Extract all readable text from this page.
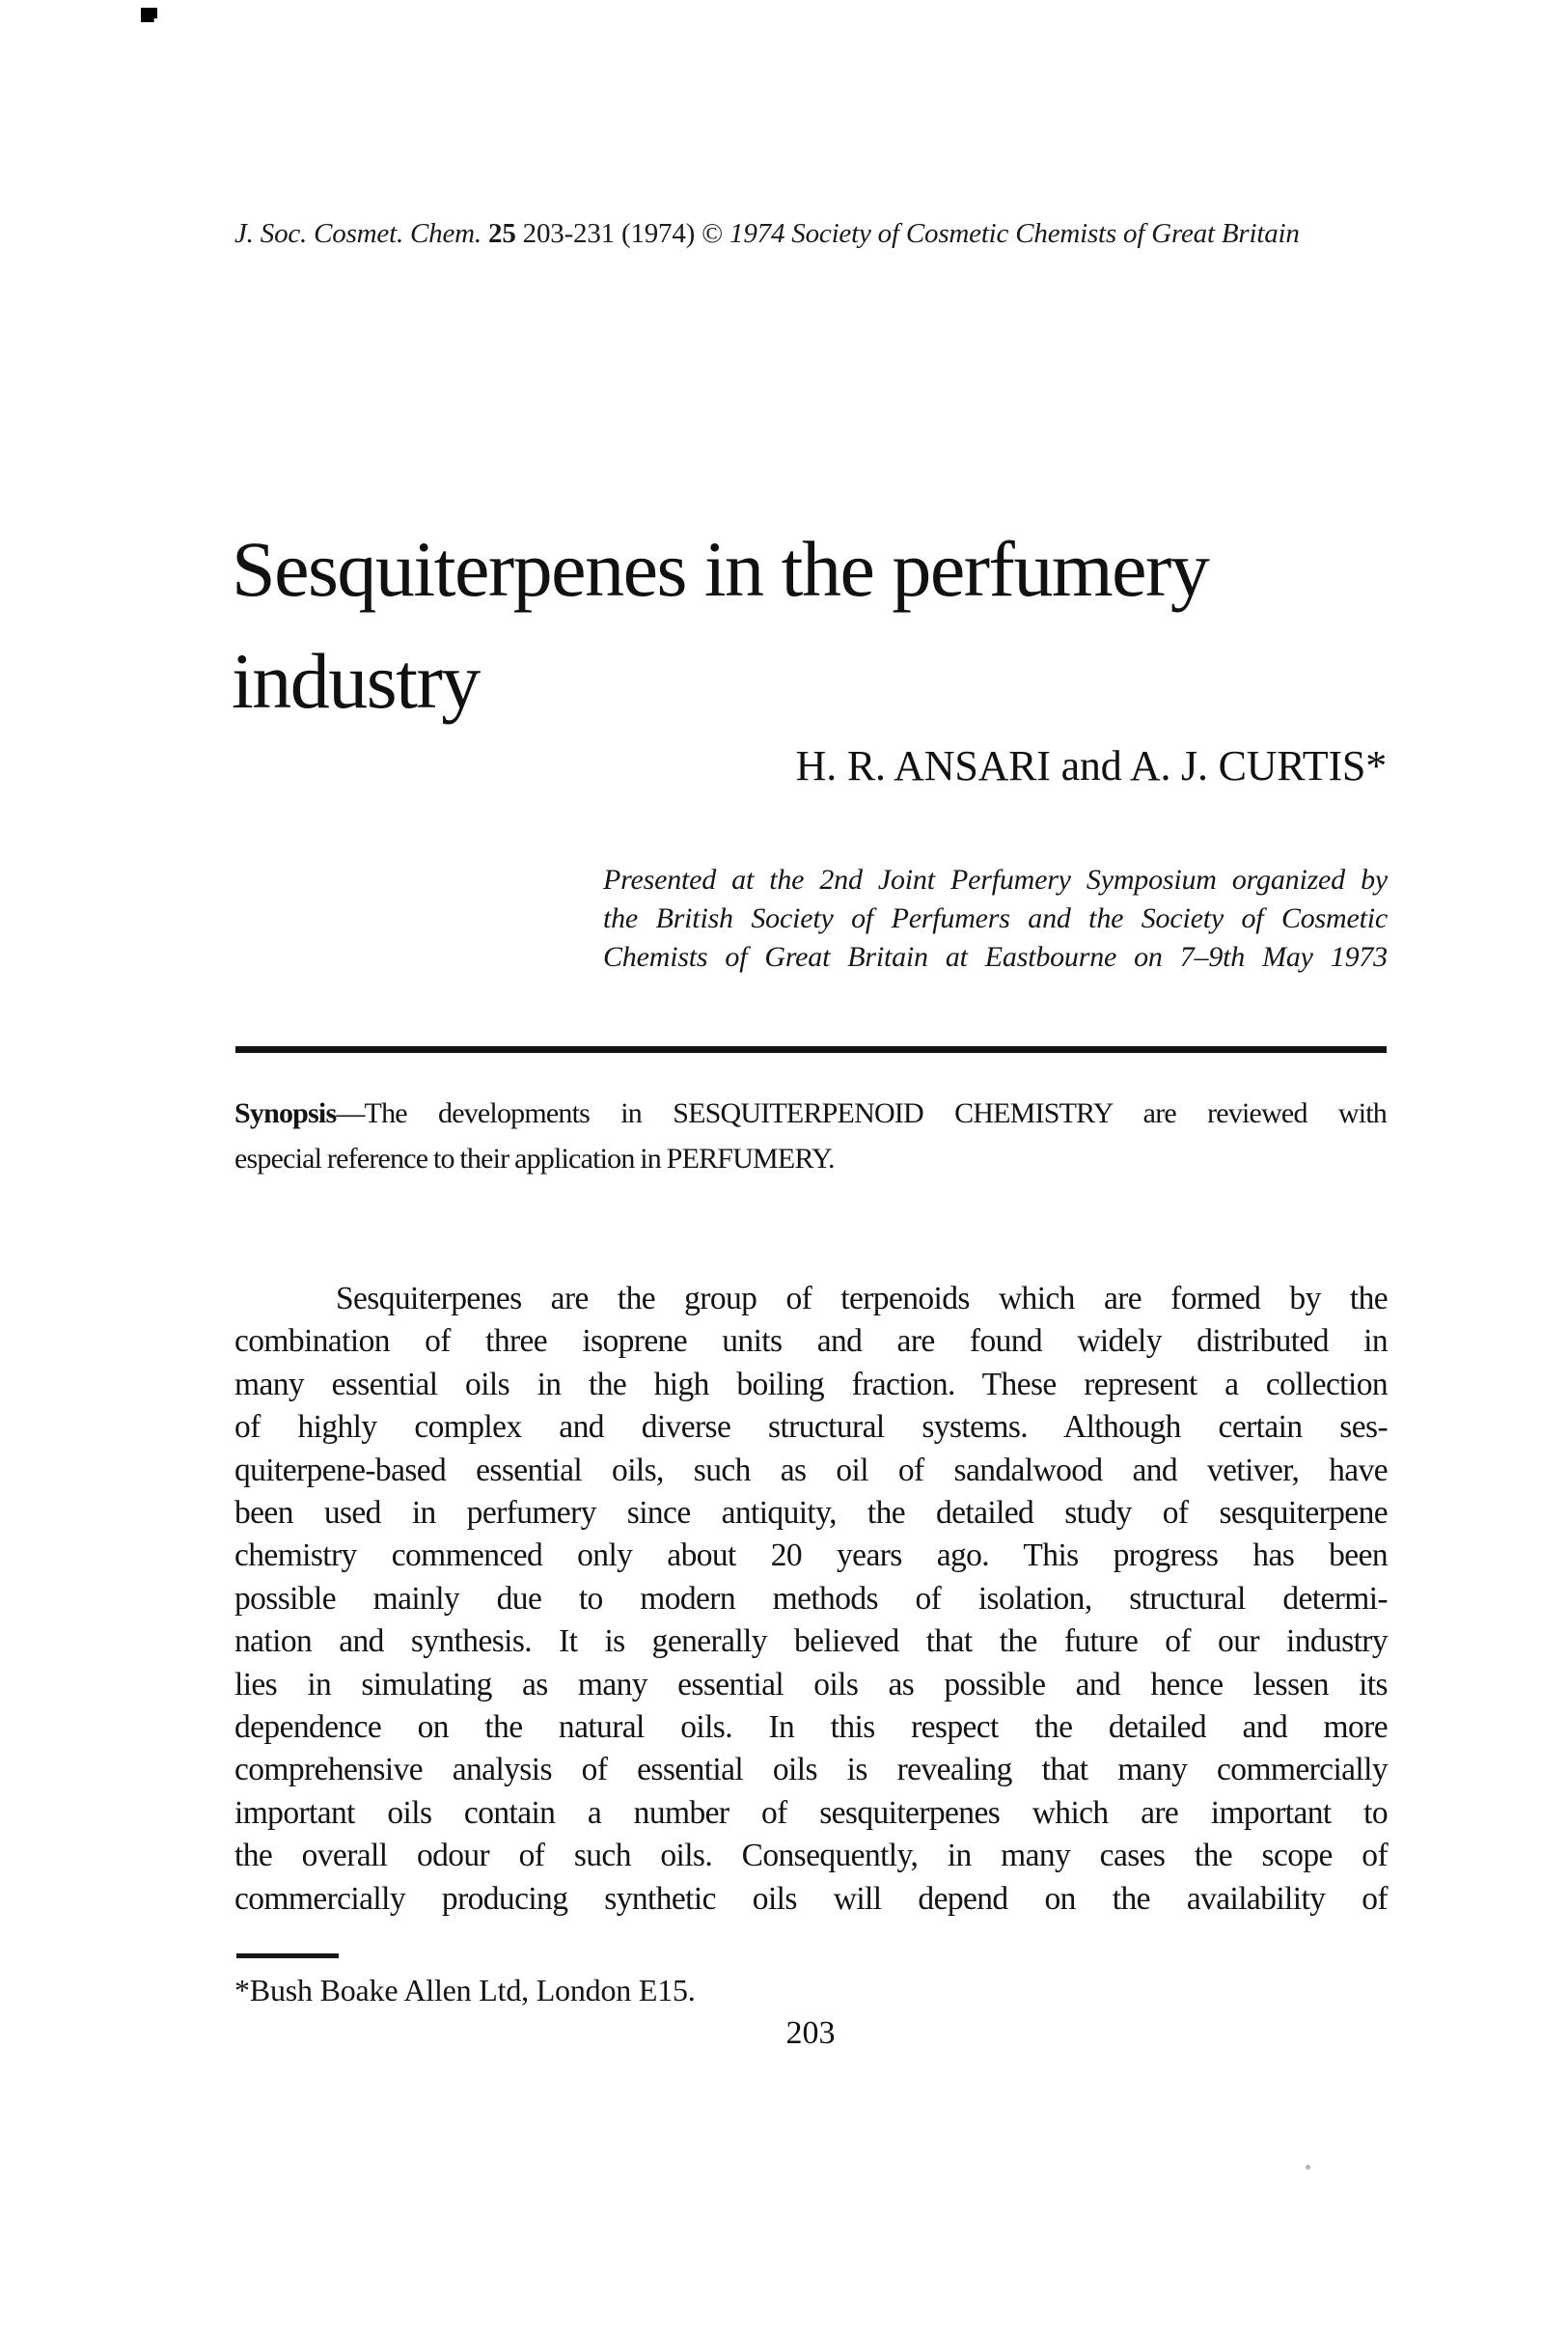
J. Soc. Cosmet. Chem. 25 203-231 (1974) © 1974 Society of Cosmetic Chemists of Great Britain
Sesquiterpenes in the perfumery
industry
H. R. ANSARI and A. J. CURTIS*
Presented at the 2nd Joint Perfumery Symposium organized by
the British Society of Perfumers and the Society of Cosmetic
Chemists of Great Britain at Eastbourne on 7–9th May 1973
Synopsis—The developments in SESQUITERPENOID CHEMISTRY are reviewed with
especial reference to their application in PERFUMERY.
Sesquiterpenes are the group of terpenoids which are formed by the
combination of three isoprene units and are found widely distributed in
many essential oils in the high boiling fraction. These represent a collection
of highly complex and diverse structural systems. Although certain ses-
quiterpene-based essential oils, such as oil of sandalwood and vetiver, have
been used in perfumery since antiquity, the detailed study of sesquiterpene
chemistry commenced only about 20 years ago. This progress has been
possible mainly due to modern methods of isolation, structural determi-
nation and synthesis. It is generally believed that the future of our industry
lies in simulating as many essential oils as possible and hence lessen its
dependence on the natural oils. In this respect the detailed and more
comprehensive analysis of essential oils is revealing that many commercially
important oils contain a number of sesquiterpenes which are important to
the overall odour of such oils. Consequently, in many cases the scope of
commercially producing synthetic oils will depend on the availability of
*Bush Boake Allen Ltd, London E15.
203
